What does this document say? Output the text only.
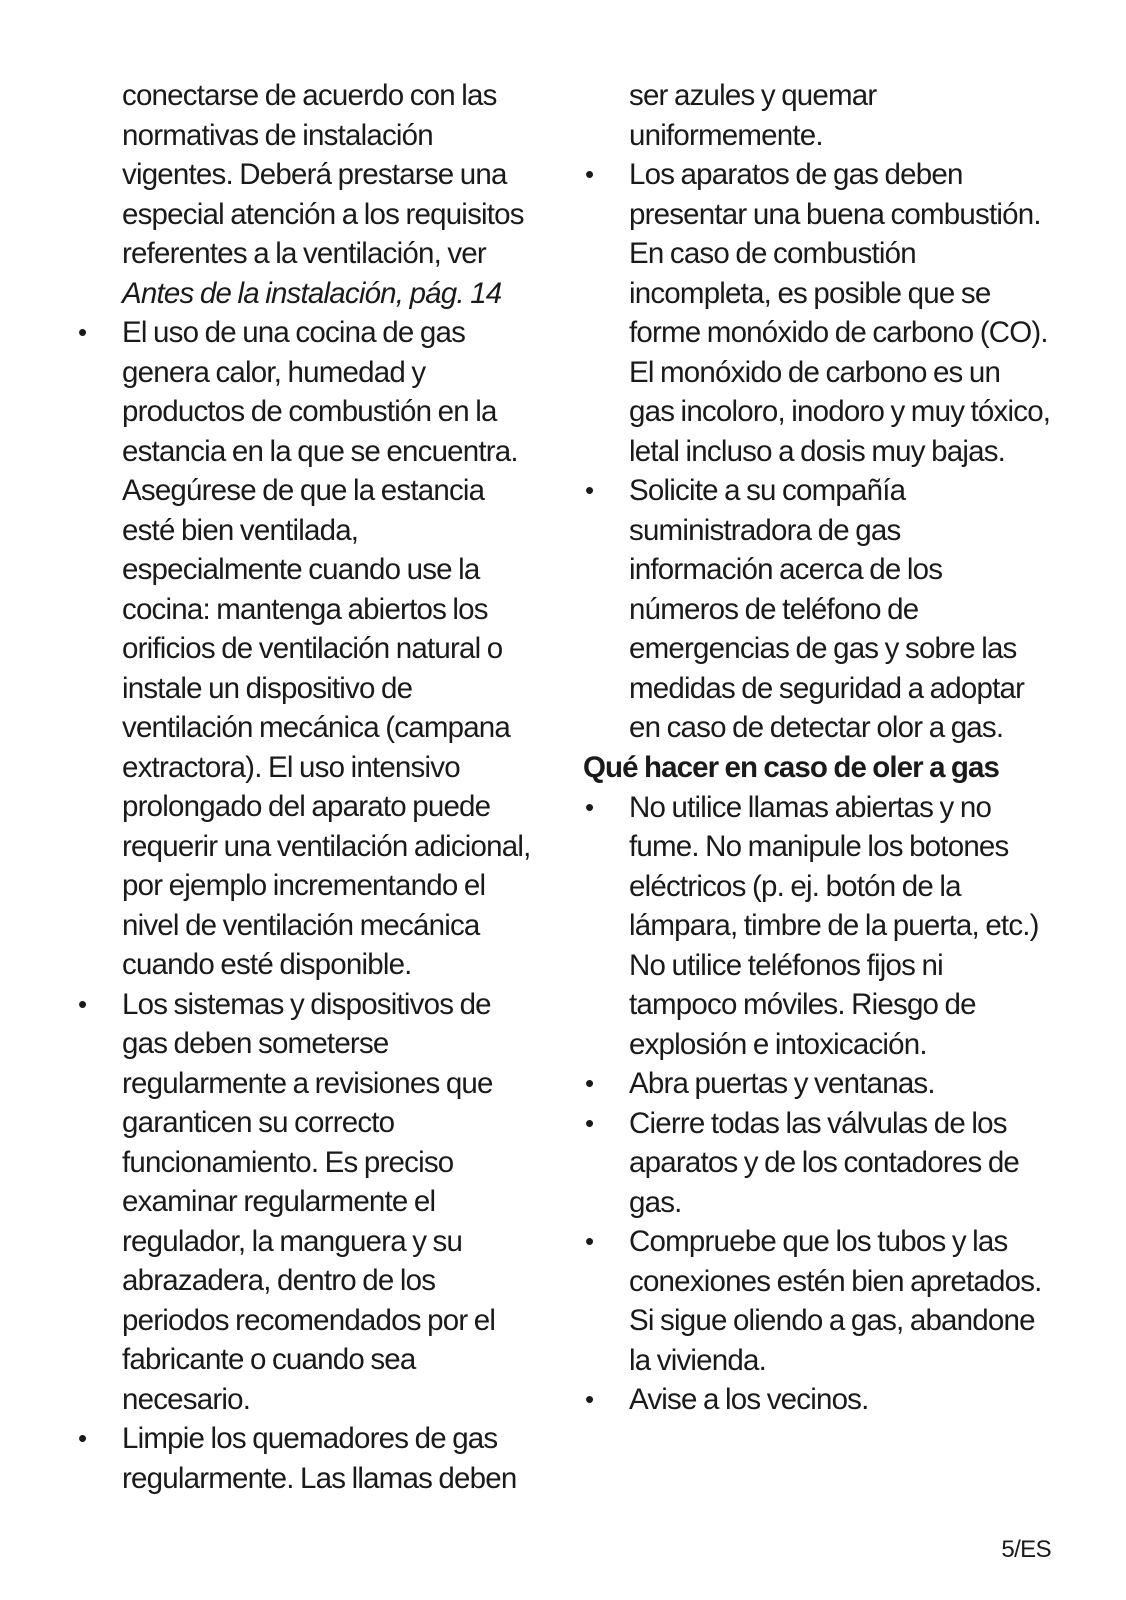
conectarse de acuerdo con las
normativas de instalación
vigentes. Deberá prestarse una
especial atención a los requisitos
referentes a la ventilación, ver
Antes de la instalación, pág. 14
• El uso de una cocina de gas
genera calor, humedad y
productos de combustión en la
estancia en la que se encuentra.
Asegúrese de que la estancia
esté bien ventilada,
especialmente cuando use la
cocina: mantenga abiertos los
orificios de ventilación natural o
instale un dispositivo de
ventilación mecánica (campana
extractora). El uso intensivo
prolongado del aparato puede
requerir una ventilación adicional,
por ejemplo incrementando el
nivel de ventilación mecánica
cuando esté disponible.
• Los sistemas y dispositivos de
gas deben someterse
regularmente a revisiones que
garanticen su correcto
funcionamiento. Es preciso
examinar regularmente el
regulador, la manguera y su
abrazadera, dentro de los
periodos recomendados por el
fabricante o cuando sea
necesario.
• Limpie los quemadores de gas
regularmente. Las llamas deben
ser azules y quemar
uniformemente.
• Los aparatos de gas deben
presentar una buena combustión.
En caso de combustión
incompleta, es posible que se
forme monóxido de carbono (CO).
El monóxido de carbono es un
gas incoloro, inodoro y muy tóxico,
letal incluso a dosis muy bajas.
• Solicite a su compañía
suministradora de gas
información acerca de los
números de teléfono de
emergencias de gas y sobre las
medidas de seguridad a adoptar
en caso de detectar olor a gas.
Qué hacer en caso de oler a gas
• No utilice llamas abiertas y no
fume. No manipule los botones
eléctricos (p. ej. botón de la
lámpara, timbre de la puerta, etc.)
No utilice teléfonos fijos ni
tampoco móviles. Riesgo de
explosión e intoxicación.
• Abra puertas y ventanas.
• Cierre todas las válvulas de los
aparatos y de los contadores de
gas.
• Compruebe que los tubos y las
conexiones estén bien apretados.
Si sigue oliendo a gas, abandone
la vivienda.
• Avise a los vecinos.
5/ES
